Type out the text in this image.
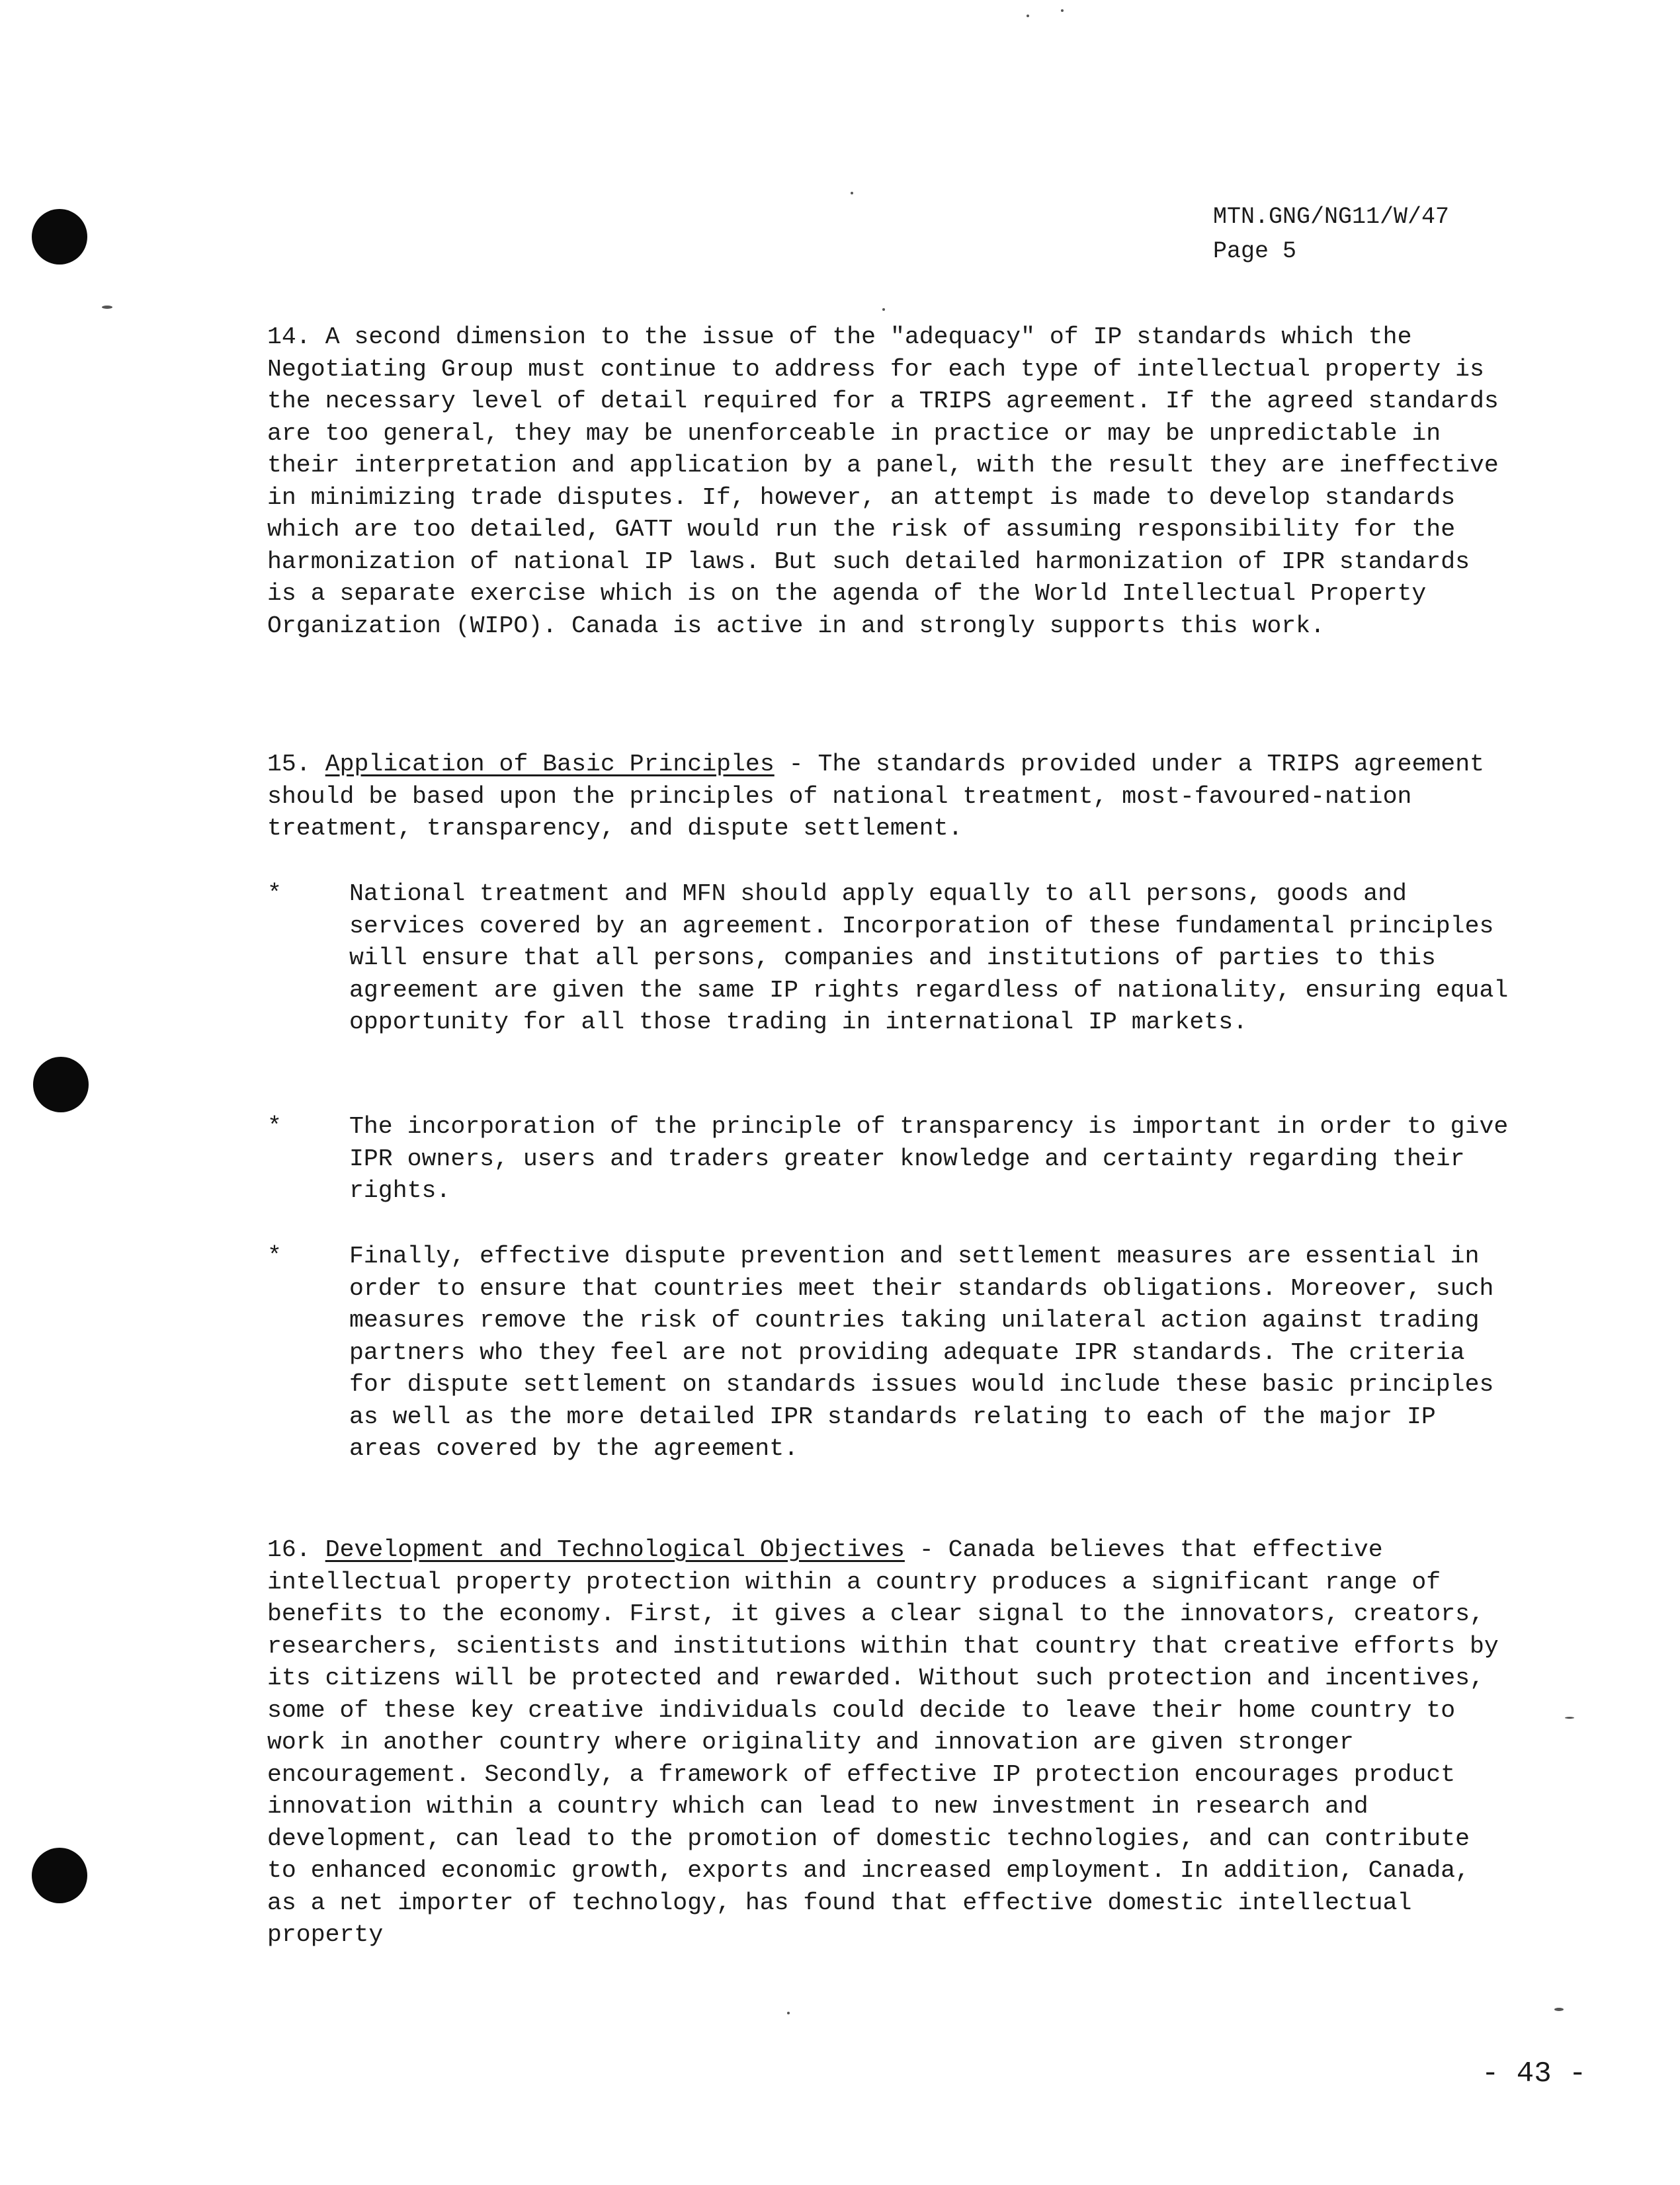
MTN.GNG/NG11/W/47
Page 5

14. A second dimension to the issue of the "adequacy" of IP standards which the Negotiating Group must continue to address for each type of intellectual property is the necessary level of detail required for a TRIPS agreement. If the agreed standards are too general, they may be unenforceable in practice or may be unpredictable in their interpretation and application by a panel, with the result they are ineffective in minimizing trade disputes. If, however, an attempt is made to develop standards which are too detailed, GATT would run the risk of assuming responsibility for the harmonization of national IP laws. But such detailed harmonization of IPR standards is a separate exercise which is on the agenda of the World Intellectual Property Organization (WIPO). Canada is active in and strongly supports this work.

15. Application of Basic Principles - The standards provided under a TRIPS agreement should be based upon the principles of national treatment, most-favoured-nation treatment, transparency, and dispute settlement.

*	National treatment and MFN should apply equally to all persons, goods and services covered by an agreement. Incorporation of these fundamental principles will ensure that all persons, companies and institutions of parties to this agreement are given the same IP rights regardless of nationality, ensuring equal opportunity for all those trading in international IP markets.

*	The incorporation of the principle of transparency is important in order to give IPR owners, users and traders greater knowledge and certainty regarding their rights.

*	Finally, effective dispute prevention and settlement measures are essential in order to ensure that countries meet their standards obligations. Moreover, such measures remove the risk of countries taking unilateral action against trading partners who they feel are not providing adequate IPR standards. The criteria for dispute settlement on standards issues would include these basic principles as well as the more detailed IPR standards relating to each of the major IP areas covered by the agreement.

16. Development and Technological Objectives - Canada believes that effective intellectual property protection within a country produces a significant range of benefits to the economy. First, it gives a clear signal to the innovators, creators, researchers, scientists and institutions within that country that creative efforts by its citizens will be protected and rewarded. Without such protection and incentives, some of these key creative individuals could decide to leave their home country to work in another country where originality and innovation are given stronger encouragement. Secondly, a framework of effective IP protection encourages product innovation within a country which can lead to new investment in research and development, can lead to the promotion of domestic technologies, and can contribute to enhanced economic growth, exports and increased employment. In addition, Canada, as a net importer of technology, has found that effective domestic intellectual property

- 43 -
